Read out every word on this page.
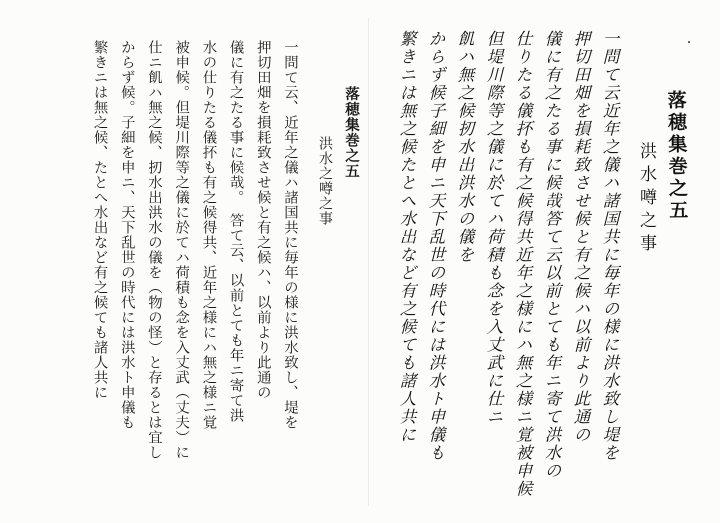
落穂集巻之五
洪水之噂之事
一問て云、近年之儀ハ諸国共に毎年の様に洪水致し、堤を
押切田畑を損耗致させ候と有之候ハ、以前より此通の
儀に有之たる事に候哉。　答て云、以前とても年ニ寄て洪
水の仕りたる儀抔も有之候得共、近年之様にハ無之様ニ覚
被申候。但堤川際等之儀に於てハ荷積も念を入丈武（丈夫）に
仕ニ飢ハ無之候、扨水出洪水の儀を（物の怪）と存るとは宜し
からず候。子細を申ニ、天下乱世の時代には洪水ト申儀も
繁きニは無之候、たとへ水出など有之候ても諸人共に	・
落穂集巻之五
洪水噂之事
一問て云近年之儀ハ諸国共に毎年の様に洪水致し堤を
押切田畑を損耗致させ候と有之候ハ以前より此通の
儀に有之たる事に候哉答て云以前とても年ニ寄て洪水の
仕りたる儀抔も有之候得共近年之様にハ無之様ニ覚被申候
但堤川際等之儀に於てハ荷積も念を入丈武に仕ニ
飢ハ無之候扨水出洪水の儀を
からず候子細を申ニ天下乱世の時代には洪水ト申儀も
繁きニは無之候たとへ水出など有之候ても諸人共に
